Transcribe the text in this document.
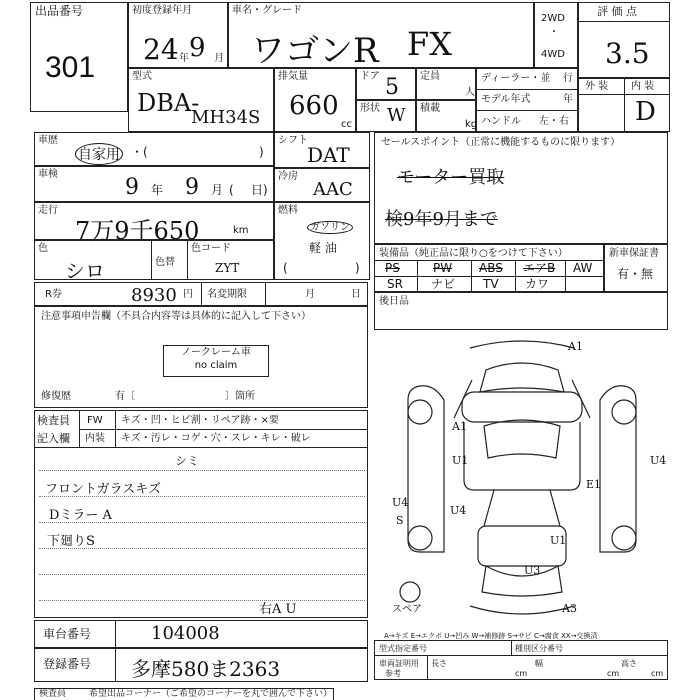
出品番号
301
初度登録年月
24 9
年	月
車名・グレード
ワゴンR FX
2WD
・
4WD
評 価 点
3.5
型式
DBA-
MH34S
排気量
660
cc
ドア 5
形状 W
定員
人
積載
kg
ディーラー・並 行
モデル年式	年
ハンドル 左・右
外 装 内 装
D
車歴
自家用 ・(	)
車検
9 年 9 月 ( 日)
走行
7万9千650	km
色
シロ	色替
色コード
ZYT
シフト
DAT
冷房
AAC
燃料
ガソリン
軽 油
(	)
R券	8930 円 名変期限	月	日
セールスポイント（正常に機能するものに限ります）
モーター買取
検9年9月まで
装備品（純正品に限り○をつけて下さい）
PS	PW ABS エアB AW
SR ナビ TV カワ
新車保証書
有・無
後日品
注意事項申告欄（不具合内容等は具体的に記入して下さい）
ノークレーム車
no claim
修復歴	有〔	〕箇所
検査員
記入欄
FW キズ・凹・ヒビ割・リペア跡・×要
内装 キズ・汚レ・コゲ・穴・スレ・キレ・破レ
シミ
フロントガラスキズ
Dミラー A
下廻りS
右A U
A1
A1
U1	U4
E1
U4
S
U4
U1
U3
A3
スペア
A→キズ E→エクボ U→凹み W→補修跡 S→サビ C→腐食 XX→交換済
車台番号	104008
登録番号 多摩580ま2363
型式指定番号	種別区分番号
車両証明用
参考
長さ
cm
幅
cm
高さ
cm
検査員	希望出品コーナー（ご希望のコーナーを丸で囲んで下さい）
